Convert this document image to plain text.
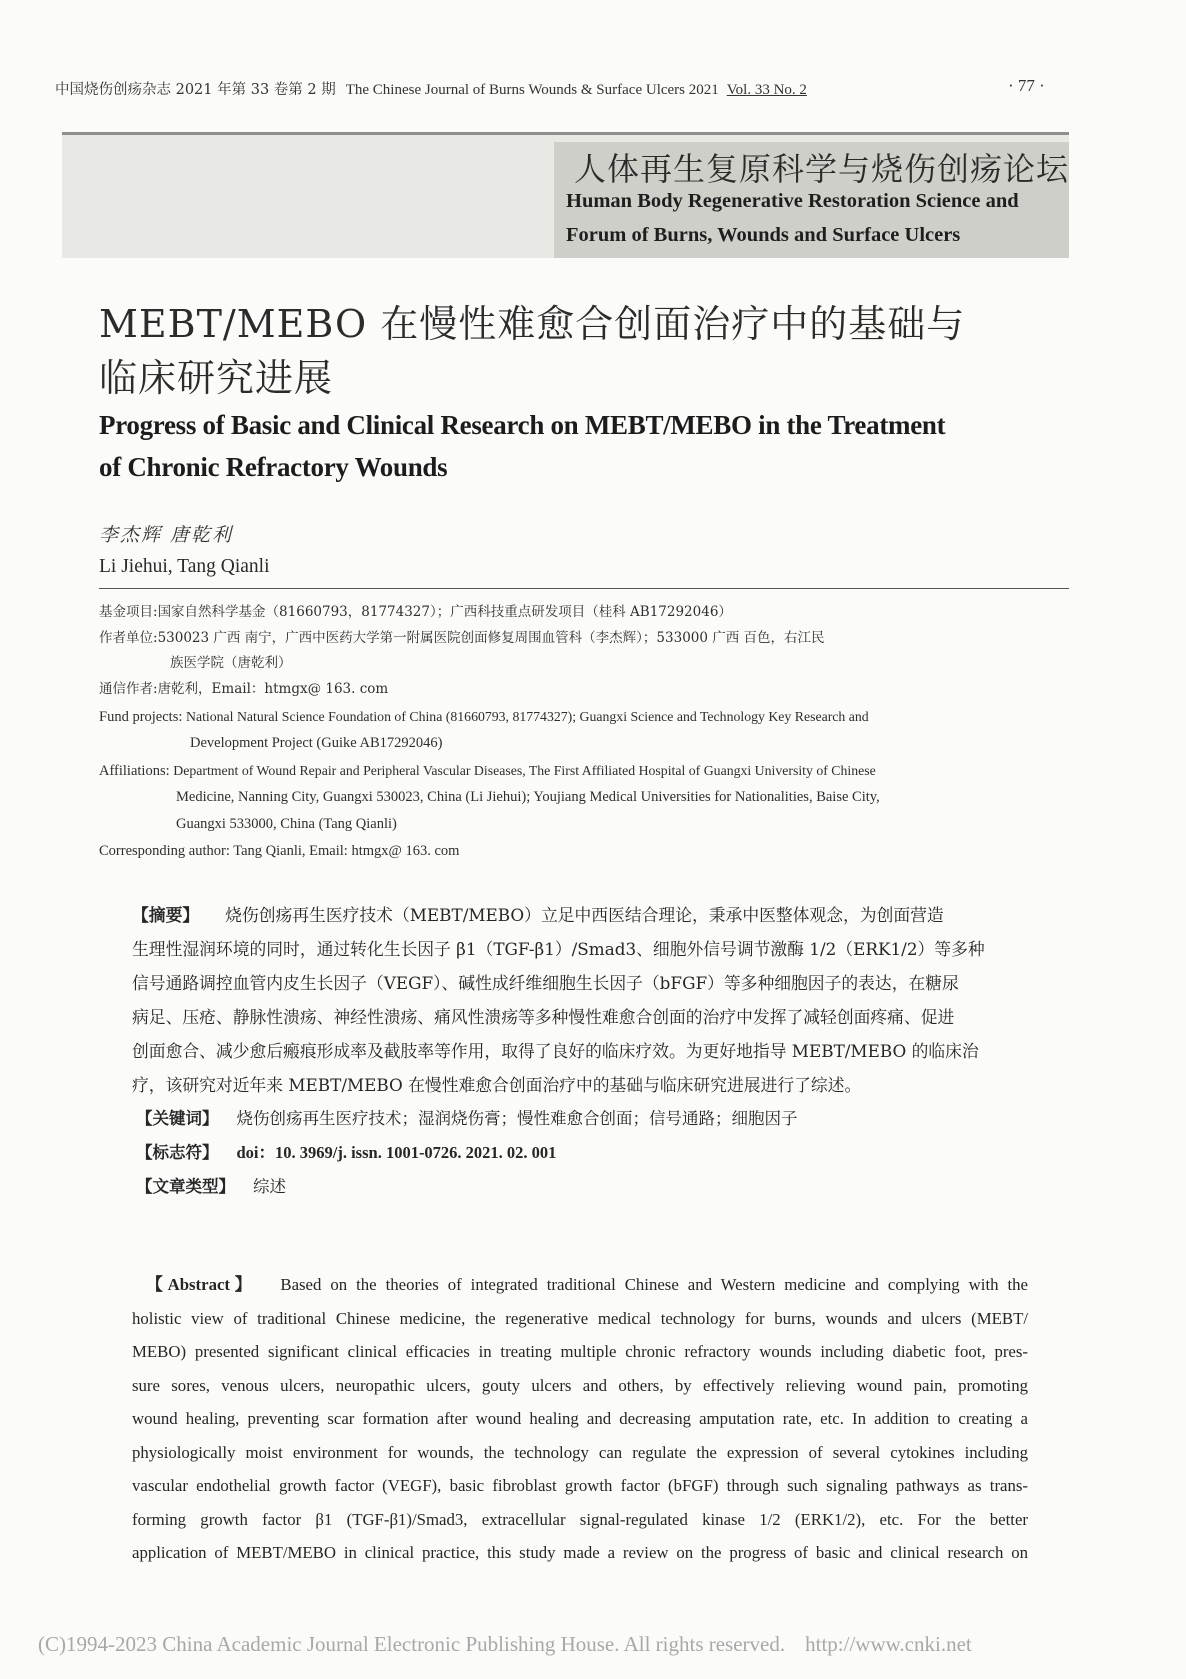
中国烧伤创疡杂志 2021 年第 33 卷第 2 期 The Chinese Journal of Burns Wounds & Surface Ulcers 2021 Vol. 33 No. 2	· 77 ·
人体再生复原科学与烧伤创疡论坛
Human Body Regenerative Restoration Science and
Forum of Burns, Wounds and Surface Ulcers
MEBT/MEBO 在慢性难愈合创面治疗中的基础与
临床研究进展
Progress of Basic and Clinical Research on MEBT/MEBO in the Treatment
of Chronic Refractory Wounds
李杰辉 唐乾利
Li Jiehui, Tang Qianli
基金项目:国家自然科学基金（81660793，81774327）；广西科技重点研发项目（桂科 AB17292046）
作者单位:530023 广西 南宁，广西中医药大学第一附属医院创面修复周围血管科（李杰辉）；533000 广西 百色，右江民
族医学院（唐乾利）
通信作者:唐乾利，Email：htmgx@ 163. com
Fund projects: National Natural Science Foundation of China (81660793, 81774327); Guangxi Science and Technology Key Research and
Development Project (Guike AB17292046)
Affiliations: Department of Wound Repair and Peripheral Vascular Diseases, The First Affiliated Hospital of Guangxi University of Chinese
Medicine, Nanning City, Guangxi 530023, China (Li Jiehui); Youjiang Medical Universities for Nationalities, Baise City,
Guangxi 533000, China (Tang Qianli)
Corresponding author: Tang Qianli, Email: htmgx@ 163. com
【摘要】 烧伤创疡再生医疗技术（MEBT/MEBO）立足中西医结合理论，秉承中医整体观念，为创面营造
生理性湿润环境的同时，通过转化生长因子 β1（TGF-β1）/Smad3、细胞外信号调节激酶 1/2（ERK1/2）等多种
信号通路调控血管内皮生长因子（VEGF）、碱性成纤维细胞生长因子（bFGF）等多种细胞因子的表达，在糖尿
病足、压疮、静脉性溃疡、神经性溃疡、痛风性溃疡等多种慢性难愈合创面的治疗中发挥了减轻创面疼痛、促进
创面愈合、减少愈后瘢痕形成率及截肢率等作用，取得了良好的临床疗效。为更好地指导 MEBT/MEBO 的临床治
疗，该研究对近年来 MEBT/MEBO 在慢性难愈合创面治疗中的基础与临床研究进展进行了综述。
【关键词】 烧伤创疡再生医疗技术；湿润烧伤膏；慢性难愈合创面；信号通路；细胞因子
【标志符】 doi：10. 3969/j. issn. 1001-0726. 2021. 02. 001
【文章类型】 综述
【Abstract】 Based on the theories of integrated traditional Chinese and Western medicine and complying with the
holistic view of traditional Chinese medicine, the regenerative medical technology for burns, wounds and ulcers (MEBT/
MEBO) presented significant clinical efficacies in treating multiple chronic refractory wounds including diabetic foot, pres-
sure sores, venous ulcers, neuropathic ulcers, gouty ulcers and others, by effectively relieving wound pain, promoting
wound healing, preventing scar formation after wound healing and decreasing amputation rate, etc. In addition to creating a
physiologically moist environment for wounds, the technology can regulate the expression of several cytokines including
vascular endothelial growth factor (VEGF), basic fibroblast growth factor (bFGF) through such signaling pathways as trans-
forming growth factor β1 (TGF-β1)/Smad3, extracellular signal-regulated kinase 1/2 (ERK1/2), etc. For the better
application of MEBT/MEBO in clinical practice, this study made a review on the progress of basic and clinical research on
(C)1994-2023 China Academic Journal Electronic Publishing House. All rights reserved. http://www.cnki.net
